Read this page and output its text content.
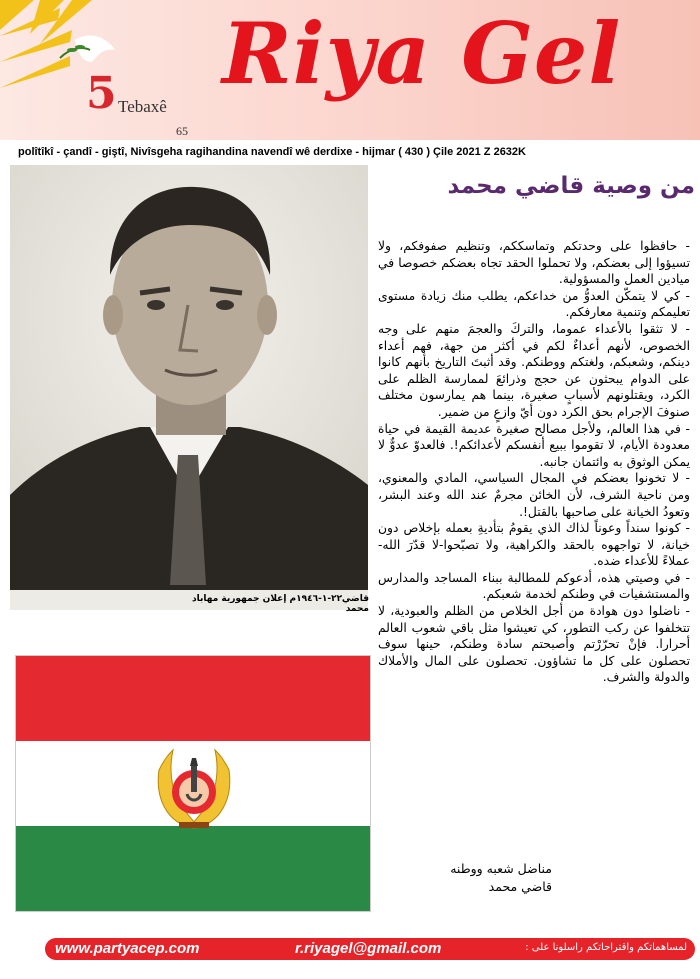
5 Tebaxê
65
Riya Gel
polîtîkî - çandî - giştî, Nivîsgeha ragihandina navendî wê derdixe - hijmar ( 430 ) Çile 2021 Z 2632K
٢٢-١-١٩٤٦م إعلان جمهورية مهاباد قاضي محمد
من وصية قاضي محمد

- حافظوا على وحدتكم وتماسككم، وتنظيم صفوفكم، ولا تسيؤوا إلى بعضكم، ولا تحملوا الحقد تجاه بعضكم خصوصا في ميادين العمل والمسؤولية.

- كي لا يتمكّن العدوُّ من خداعكم، يطلب منك زيادة مستوى تعليمكم وتنمية معارفكم.

- لا تثقوا بالأعداء عموما، والتركَ والعجمَ منهم على وجه الخصوص، لأنهم أعداءٌ لكم في أكثر من جهة، فهم أعداء دينكم، وشعبكم، ولغتكم ووطنكم. وقد أثبتَ التاريخ بأنهم كانوا على الدوام يبحثون عن حجج وذرائعَ لممارسة الظلم على الكرد، ويقتلونهم لأسبابٍ صغيرة، بينما هم يمارسون مختلف صنوفَ الإجرام بحق الكرد دون أيّ وازعٍ من ضمير.

- في هذا العالم، ولأجل مصالح صغيرة عديمة القيمة في حياة معدودة الأيام، لا تقوموا ببيع أنفسكم لأعدائكم!. فالعدوّ عدوٌّ لا يمكن الوثوق به وائتمان جانبه.

- لا تخونوا بعضكم في المجال السياسي، المادي والمعنوي، ومن ناحية الشرف، لأن الخائن مجرمٌ عند الله وعند البشر، وتعودُ الخيانة على صاحبها بالقتل!.

- كونوا سنداً وعوناً لذاك الذي يقومُ بتأديةِ بعمله بإخلاص دون خيانة، لا تواجهوه بالحقد والكراهية، ولا تصبّحوا-لا قدّرَ الله-عملاءً للأعداء ضده.

- في وصيتي هذه، أدعوكم للمطالبة ببناء المساجد والمدارس والمستشفيات في وطنكم لخدمة شعبكم.

- ناضلوا دون هوادة من أجل الخلاص من الظلم والعبودية، لا تتخلفوا عن ركب التطور، كي تعيشوا مثل باقي شعوب العالم أحرارا. فإنْ تحرّرْتم وأصبحتم سادة وطنكم، حينها سوف تحصلون على كل ما تشاؤون. تحصلون على المال والأملاك والدولة والشرف.

مناضل شعبه ووطنه
قاضي محمد
www.partyacep.com	r.riyagel@gmail.com	لمساهماتكم واقتراحاتكم راسلونا على :
